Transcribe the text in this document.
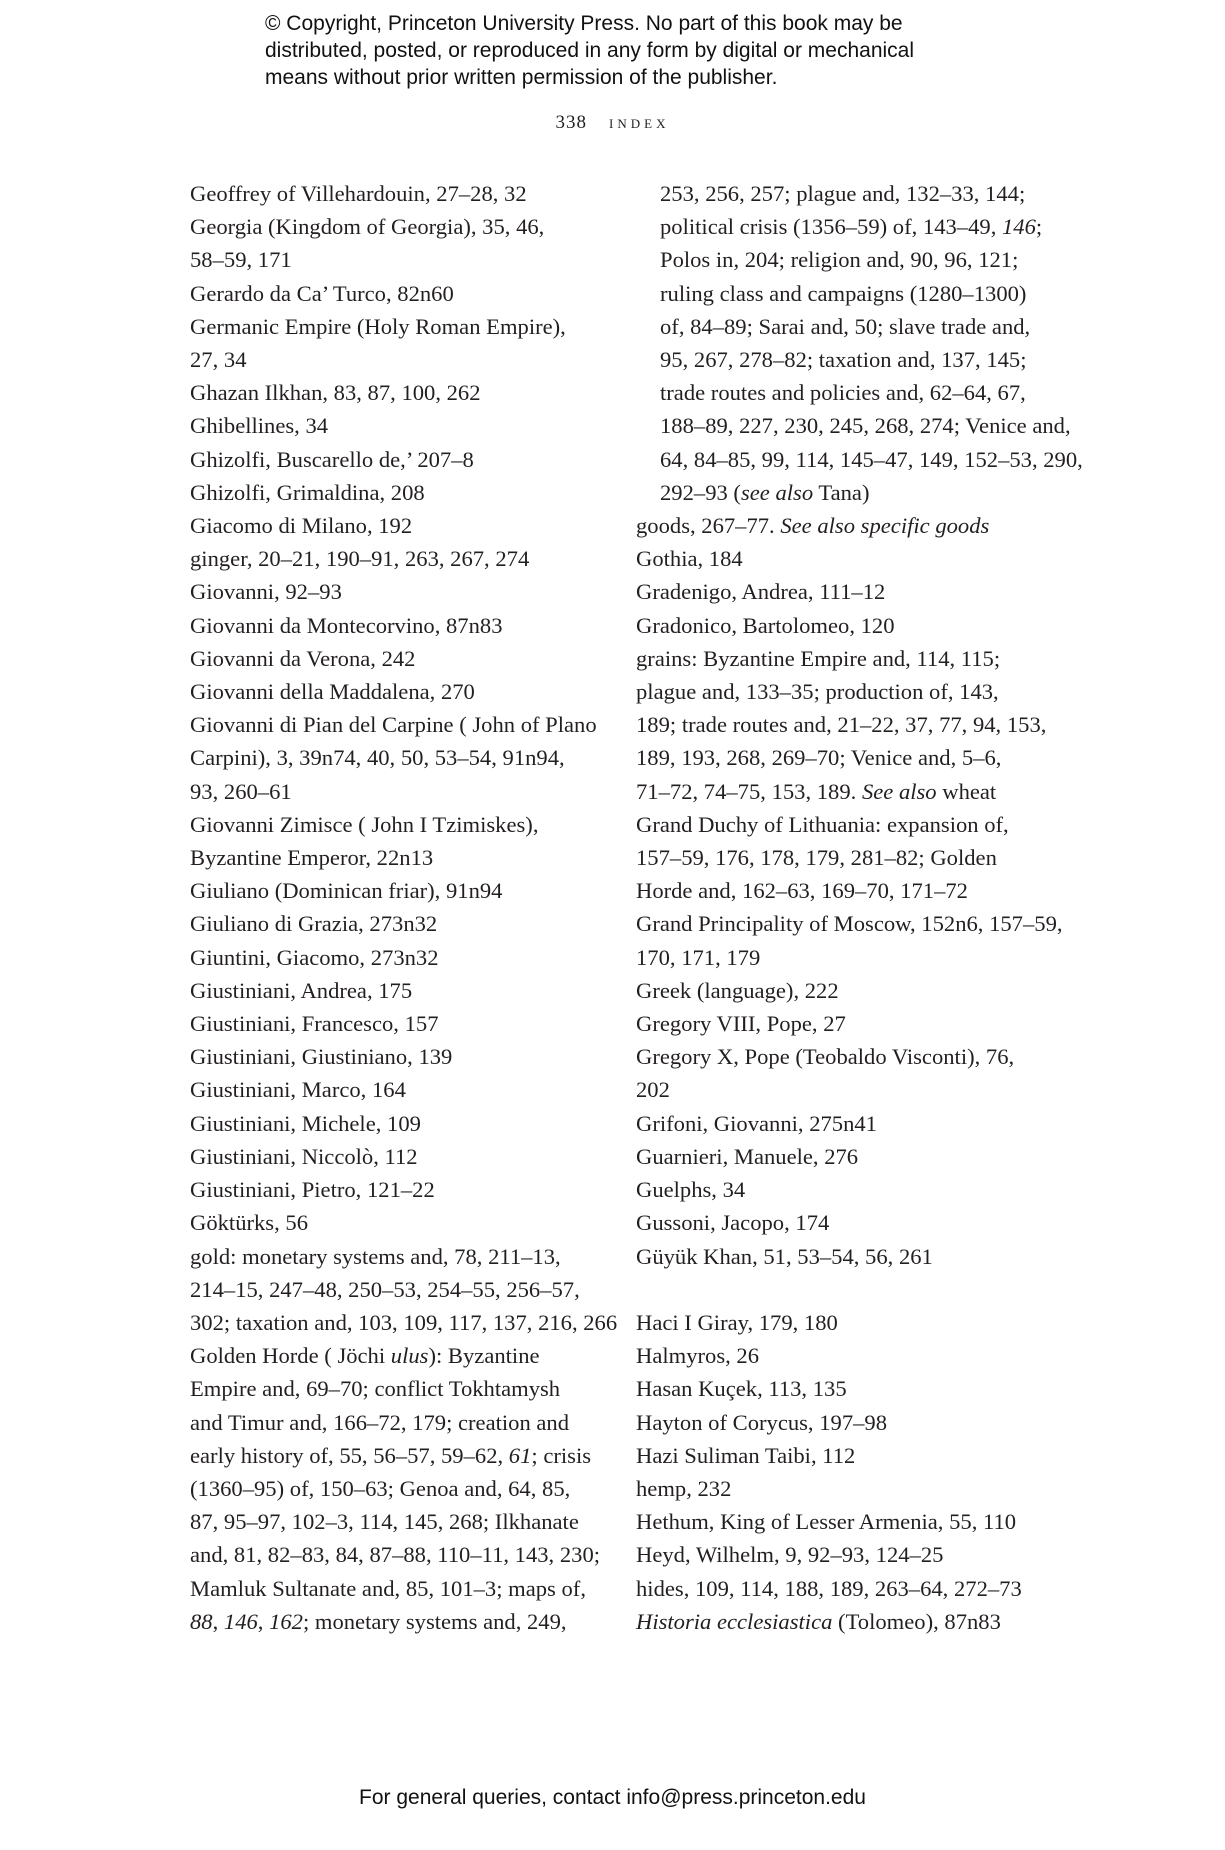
© Copyright, Princeton University Press. No part of this book may be
distributed, posted, or reproduced in any form by digital or mechanical
means without prior written permission of the publisher.
338 index
Geoffrey of Villehardouin, 27–28, 32
Georgia (Kingdom of Georgia), 35, 46,
58–59, 171
Gerardo da Ca’ Turco, 82n60
Germanic Empire (Holy Roman Empire),
27, 34
Ghazan Ilkhan, 83, 87, 100, 262
Ghibellines, 34
Ghizolfi, Buscarello de,’ 207–8
Ghizolfi, Grimaldina, 208
Giacomo di Milano, 192
ginger, 20–21, 190–91, 263, 267, 274
Giovanni, 92–93
Giovanni da Montecorvino, 87n83
Giovanni da Verona, 242
Giovanni della Maddalena, 270
Giovanni di Pian del Carpine ( John of Plano
Carpini), 3, 39n74, 40, 50, 53–54, 91n94,
93, 260–61
Giovanni Zimisce ( John I Tzimiskes),
Byzantine Emperor, 22n13
Giuliano (Dominican friar), 91n94
Giuliano di Grazia, 273n32
Giuntini, Giacomo, 273n32
Giustiniani, Andrea, 175
Giustiniani, Francesco, 157
Giustiniani, Giustiniano, 139
Giustiniani, Marco, 164
Giustiniani, Michele, 109
Giustiniani, Niccolò, 112
Giustiniani, Pietro, 121–22
Göktürks, 56
gold: monetary systems and, 78, 211–13,
214–15, 247–48, 250–53, 254–55, 256–57,
302; taxation and, 103, 109, 117, 137, 216, 266
Golden Horde ( Jöchi ulus): Byzantine
Empire and, 69–70; conflict Tokhtamysh
and Timur and, 166–72, 179; creation and
early history of, 55, 56–57, 59–62, 61; crisis
(1360–95) of, 150–63; Genoa and, 64, 85,
87, 95–97, 102–3, 114, 145, 268; Ilkhanate
and, 81, 82–83, 84, 87–88, 110–11, 143, 230;
Mamluk Sultanate and, 85, 101–3; maps of,
88, 146, 162; monetary systems and, 249,
253, 256, 257; plague and, 132–33, 144;
political crisis (1356–59) of, 143–49, 146;
Polos in, 204; religion and, 90, 96, 121;
ruling class and campaigns (1280–1300)
of, 84–89; Sarai and, 50; slave trade and,
95, 267, 278–82; taxation and, 137, 145;
trade routes and policies and, 62–64, 67,
188–89, 227, 230, 245, 268, 274; Venice and,
64, 84–85, 99, 114, 145–47, 149, 152–53, 290,
292–93 (see also Tana)
goods, 267–77. See also specific goods
Gothia, 184
Gradenigo, Andrea, 111–12
Gradonico, Bartolomeo, 120
grains: Byzantine Empire and, 114, 115;
plague and, 133–35; production of, 143,
189; trade routes and, 21–22, 37, 77, 94, 153,
189, 193, 268, 269–70; Venice and, 5–6,
71–72, 74–75, 153, 189. See also wheat
Grand Duchy of Lithuania: expansion of,
157–59, 176, 178, 179, 281–82; Golden
Horde and, 162–63, 169–70, 171–72
Grand Principality of Moscow, 152n6, 157–59,
170, 171, 179
Greek (language), 222
Gregory VIII, Pope, 27
Gregory X, Pope (Teobaldo Visconti), 76,
202
Grifoni, Giovanni, 275n41
Guarnieri, Manuele, 276
Guelphs, 34
Gussoni, Jacopo, 174
Güyük Khan, 51, 53–54, 56, 261
Haci I Giray, 179, 180
Halmyros, 26
Hasan Kuçek, 113, 135
Hayton of Corycus, 197–98
Hazi Suliman Taibi, 112
hemp, 232
Hethum, King of Lesser Armenia, 55, 110
Heyd, Wilhelm, 9, 92–93, 124–25
hides, 109, 114, 188, 189, 263–64, 272–73
Historia ecclesiastica (Tolomeo), 87n83
For general queries, contact info@press.princeton.edu
